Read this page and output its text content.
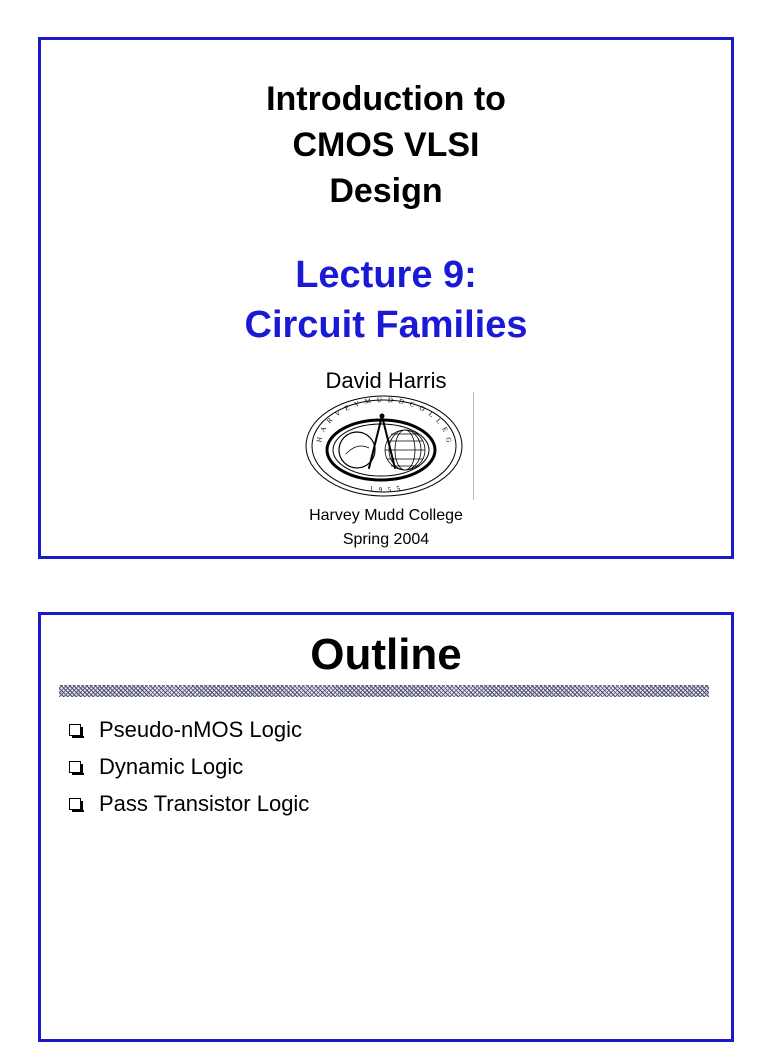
Introduction to
CMOS VLSI
Design
Lecture 9:
Circuit Families
David Harris
H A R V E Y M U D D C O L L E G
1 9 5 5
Harvey Mudd College
Spring 2004
Outline
Pseudo-nMOS Logic
Dynamic Logic
Pass Transistor Logic
